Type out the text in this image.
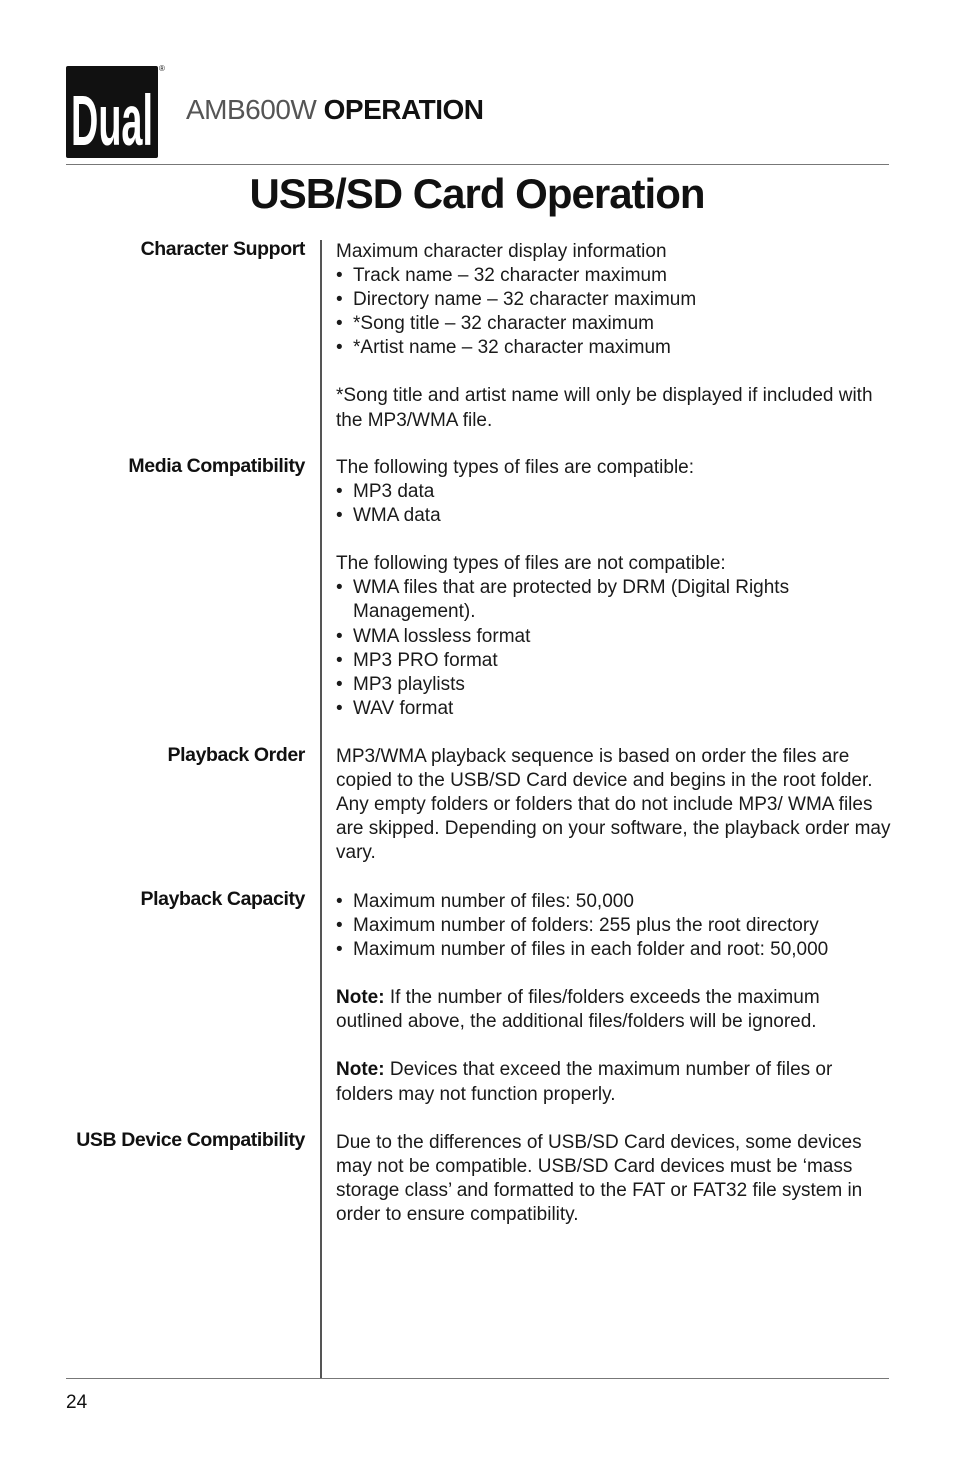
Dual
®
AMB600W OPERATION
USB/SD Card Operation
Character Support
Media Compatibility
Playback Order
Playback Capacity
USB Device Compatibility

Maximum character display information

• Track name – 32 character maximum

• Directory name – 32 character maximum

• *Song title – 32 character maximum

• *Artist name – 32 character maximum

*Song title and artist name will only be displayed if included with the MP3/WMA file.

The following types of files are compatible:

• MP3 data

• WMA data

The following types of files are not compatible:

• WMA files that are protected by DRM (Digital Rights Management).

• WMA lossless format

• MP3 PRO format

• MP3 playlists

• WAV format

MP3/WMA playback sequence is based on order the files are copied to the USB/SD Card device and begins in the root folder. Any empty folders or folders that do not include MP3/ WMA files are skipped. Depending on your software, the playback order may vary.

• Maximum number of files: 50,000

• Maximum number of folders: 255 plus the root directory

• Maximum number of files in each folder and root: 50,000

Note: If the number of files/folders exceeds the maximum outlined above, the additional files/folders will be ignored.

Note: Devices that exceed the maximum number of files or folders may not function properly.

Due to the differences of USB/SD Card devices, some devices may not be compatible. USB/SD Card devices must be ‘mass storage class’ and formatted to the FAT or FAT32 file system in order to ensure compatibility.

24
